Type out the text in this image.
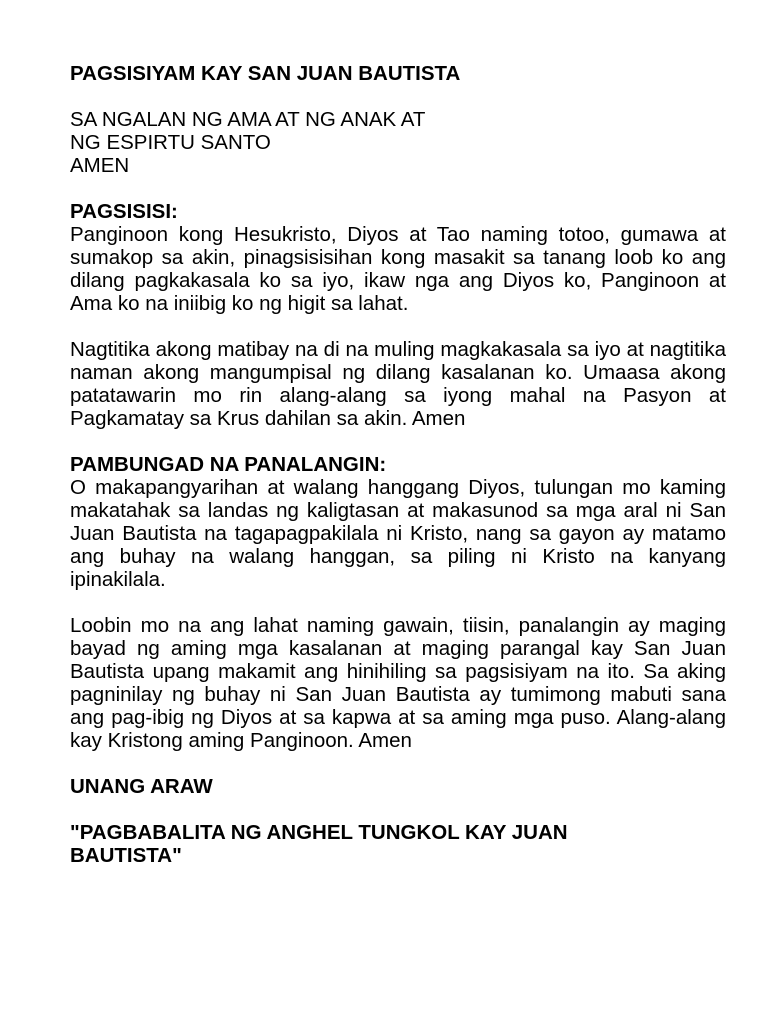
PAGSISIYAM KAY SAN JUAN BAUTISTA

SA NGALAN NG AMA AT NG ANAK AT

NG ESPIRTU SANTO

AMEN

PAGSISISI:

Panginoon kong Hesukristo, Diyos at Tao naming totoo, gumawa at sumakop sa akin, pinagsisisihan kong masakit sa tanang loob ko ang dilang pagkakasala ko sa iyo, ikaw nga ang Diyos ko, Panginoon at Ama ko na iniibig ko ng higit sa lahat.

Nagtitika akong matibay na di na muling magkakasala sa iyo at nagtitika naman akong mangumpisal ng dilang kasalanan ko. Umaasa akong patatawarin mo rin alang-alang sa iyong mahal na Pasyon at Pagkamatay sa Krus dahilan sa akin. Amen

PAMBUNGAD NA PANALANGIN:

O makapangyarihan at walang hanggang Diyos, tulungan mo kaming makatahak sa landas ng kaligtasan at makasunod sa mga aral ni San Juan Bautista na tagapagpakilala ni Kristo, nang sa gayon ay matamo ang buhay na walang hanggan, sa piling ni Kristo na kanyang ipinakilala.

Loobin mo na ang lahat naming gawain, tiisin, panalangin ay maging bayad ng aming mga kasalanan at maging parangal kay San Juan Bautista upang makamit ang hinihiling sa pagsisiyam na ito. Sa aking pagninilay ng buhay ni San Juan Bautista ay tumimong mabuti sana ang pag-ibig ng Diyos at sa kapwa at sa aming mga puso. Alang-alang kay Kristong aming Panginoon. Amen

UNANG ARAW

"PAGBABALITA NG ANGHEL TUNGKOL KAY JUAN

BAUTISTA"
